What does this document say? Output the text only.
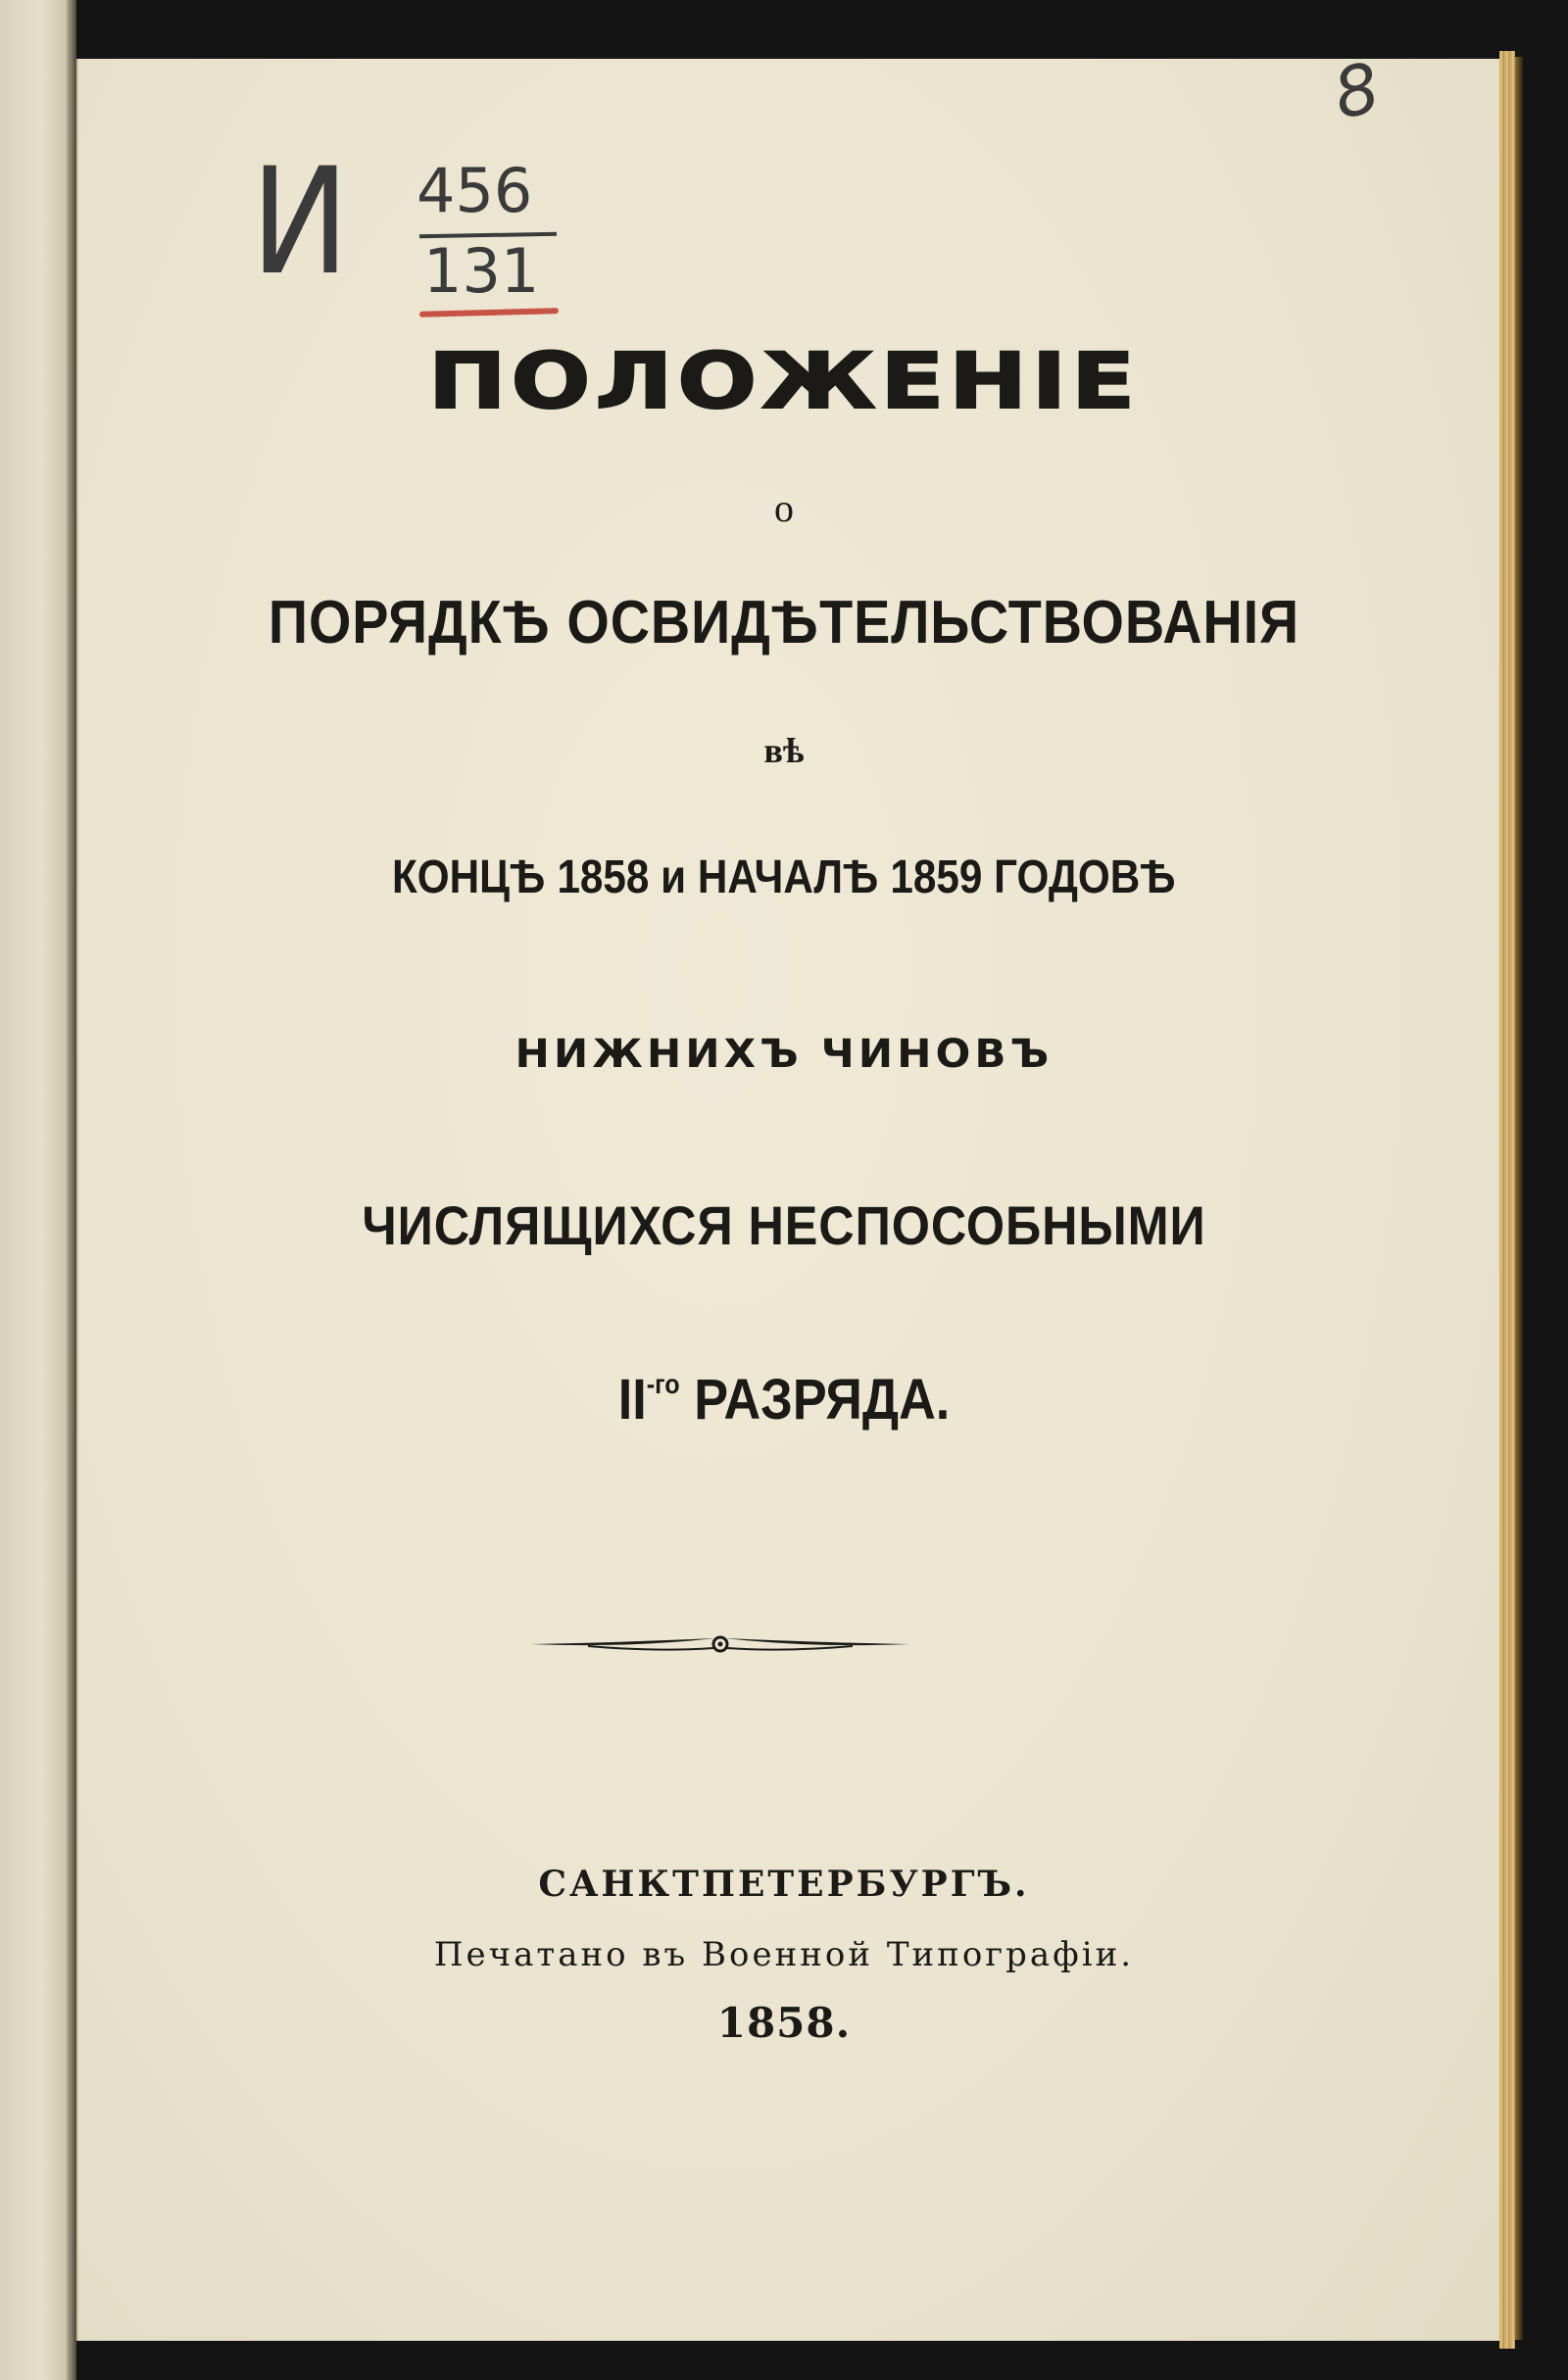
И 456
131
8
ПОЛОЖЕНІЕ
о
ПОРЯДКѢ ОСВИДѢТЕЛЬСТВОВАНІЯ
вѣ
КОНЦѢ 1858 и НАЧАЛѢ 1859 ГОДОВѢ
НИЖНИХЪ ЧИНОВЪ
ЧИСЛЯЩИХСЯ НЕСПОСОБНЫМИ
$II^{-го}$ РАЗРЯДА.
САНКТПЕТЕРБУРГЪ.
Печатано въ Военной Типографіи.
1858.
